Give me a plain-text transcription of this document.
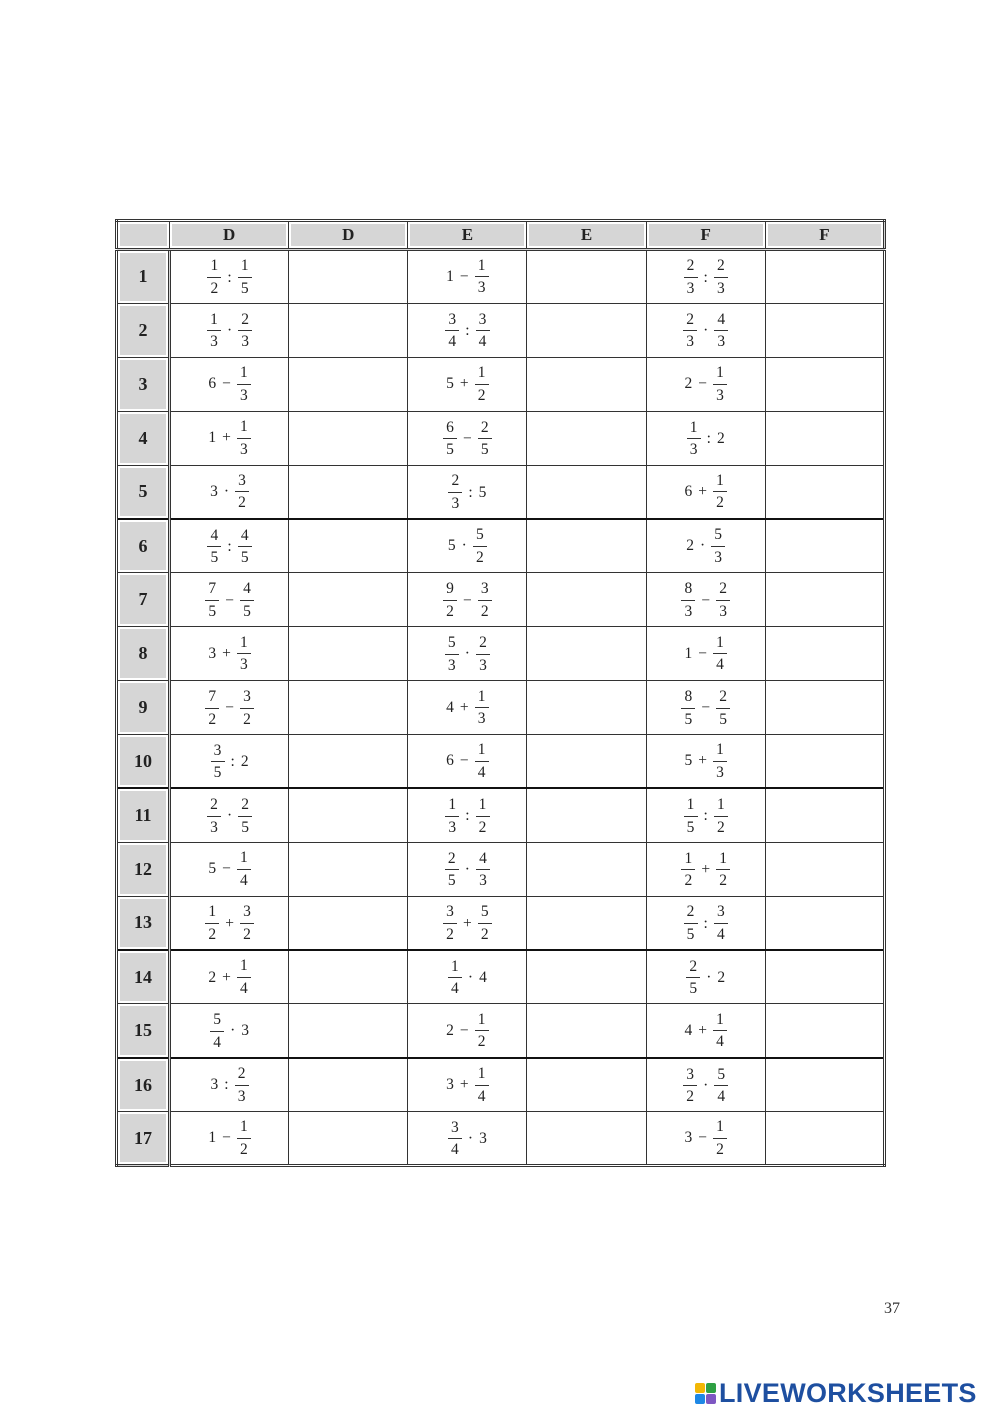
	D	D	E	E	F	F
1	$\frac{1}{2}$ : $\frac{1}{5}$		$1 - \frac{1}{3}$		$\frac{2}{3}$ : $\frac{2}{3}$

2	$\frac{1}{3} \cdot \frac{2}{3}$		$\frac{3}{4}$ : $\frac{3}{4}$		$\frac{2}{3} \cdot \frac{4}{3}$

3	$6 - \frac{1}{3}$		$5 + \frac{1}{2}$		$2 - \frac{1}{3}$

4	$1 + \frac{1}{3}$		$\frac{6}{5} - \frac{2}{5}$		$\frac{1}{3}$ : 2	

5	$3 \cdot \frac{3}{2}$		$\frac{2}{3}$ : 5		$6 + \frac{1}{2}$

6	$\frac{4}{5}$ : $\frac{4}{5}$		$5 \cdot \frac{5}{2}$		$2 \cdot \frac{5}{3}$

7	$\frac{7}{5} - \frac{4}{5}$		$\frac{9}{2} - \frac{3}{2}$		$\frac{8}{3} - \frac{2}{3}$

8	$3 + \frac{1}{3}$		$\frac{5}{3} \cdot \frac{2}{3}$		$1 - \frac{1}{4}$

9	$\frac{7}{2} - \frac{3}{2}$		$4 + \frac{1}{3}$		$\frac{8}{5} - \frac{2}{5}$

10	$\frac{3}{5}$ : 2		$6 - \frac{1}{4}$		$5 + \frac{1}{3}$

11	$\frac{2}{3} \cdot \frac{2}{5}$		$\frac{1}{3}$ : $\frac{1}{2}$		$\frac{1}{5}$ : $\frac{1}{2}$

12	$5 - \frac{1}{4}$		$\frac{2}{5} \cdot \frac{4}{3}$		$\frac{1}{2} + \frac{1}{2}$

13	$\frac{1}{2} + \frac{3}{2}$		$\frac{3}{2} + \frac{5}{2}$		$\frac{2}{5}$ : $\frac{3}{4}$

14	$2 + \frac{1}{4}$		$\frac{1}{4} \cdot 4$		$\frac{2}{5} \cdot 2$	

15	$\frac{5}{4} \cdot 3$		$2 - \frac{1}{2}$		$4 + \frac{1}{4}$

16	3 : $\frac{2}{3}$		$3 + \frac{1}{4}$		$\frac{3}{2} \cdot \frac{5}{4}$

17	$1 - \frac{1}{2}$		$\frac{3}{4} \cdot 3$		$3 - \frac{1}{2}$

37
LIVEWORKSHEETS
